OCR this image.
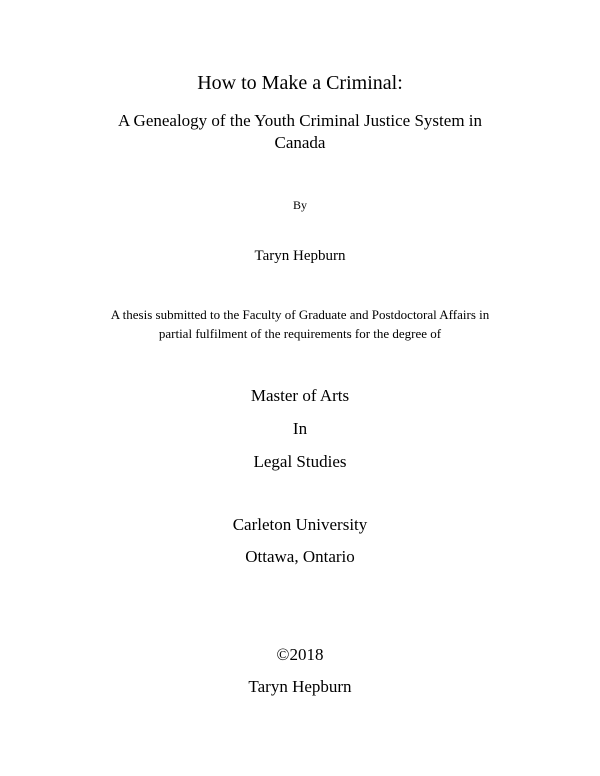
How to Make a Criminal:
A Genealogy of the Youth Criminal Justice System in
Canada
By
Taryn Hepburn
A thesis submitted to the Faculty of Graduate and Postdoctoral Affairs in
partial fulfilment of the requirements for the degree of
Master of Arts
In
Legal Studies
Carleton University
Ottawa, Ontario
©2018
Taryn Hepburn
